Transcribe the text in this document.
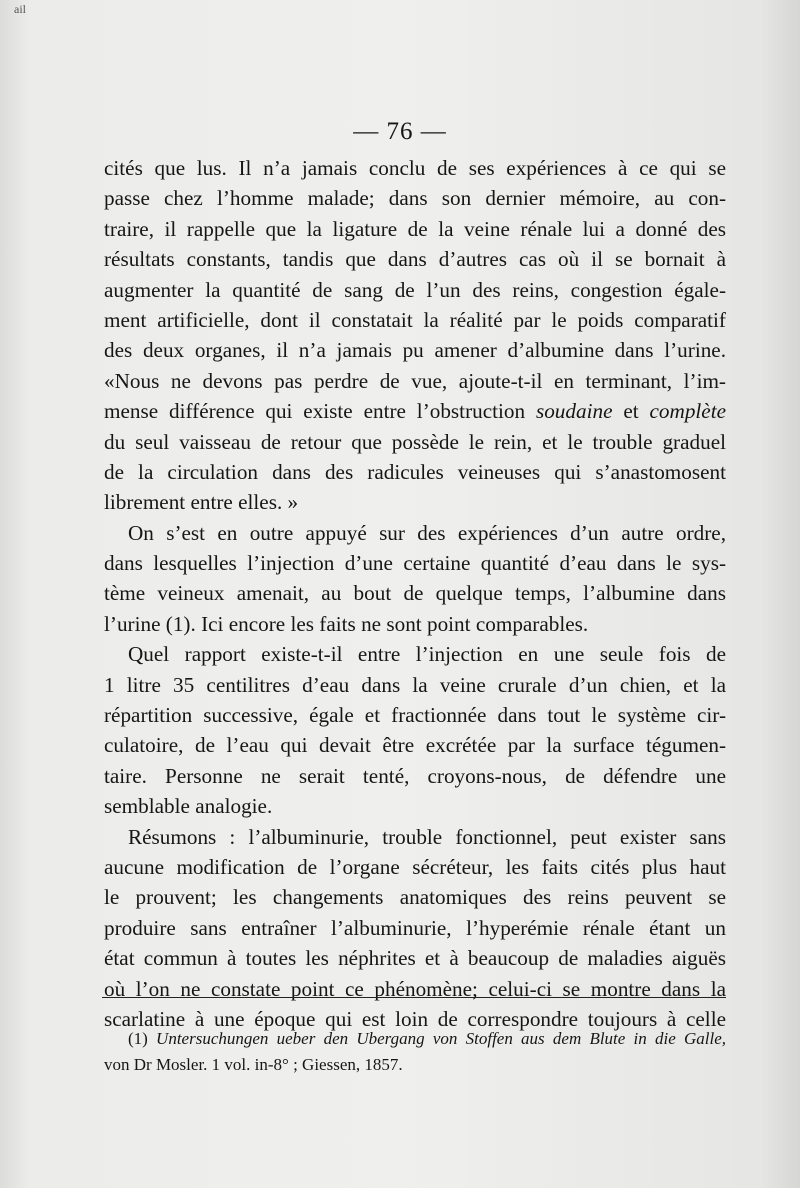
ail
— 76 —
cités que lus. Il n’a jamais conclu de ses expériences à ce qui se
passe chez l’homme malade; dans son dernier mémoire, au con-
traire, il rappelle que la ligature de la veine rénale lui a donné des
résultats constants, tandis que dans d’autres cas où il se bornait à
augmenter la quantité de sang de l’un des reins, congestion égale-
ment artificielle, dont il constatait la réalité par le poids comparatif
des deux organes, il n’a jamais pu amener d’albumine dans l’urine.
«Nous ne devons pas perdre de vue, ajoute-t-il en terminant, l’im-
mense différence qui existe entre l’obstruction soudaine et complète
du seul vaisseau de retour que possède le rein, et le trouble graduel
de la circulation dans des radicules veineuses qui s’anastomosent
librement entre elles. »
On s’est en outre appuyé sur des expériences d’un autre ordre,
dans lesquelles l’injection d’une certaine quantité d’eau dans le sys-
tème veineux amenait, au bout de quelque temps, l’albumine dans
l’urine (1). Ici encore les faits ne sont point comparables.
Quel rapport existe-t-il entre l’injection en une seule fois de
1 litre 35 centilitres d’eau dans la veine crurale d’un chien, et la
répartition successive, égale et fractionnée dans tout le système cir-
culatoire, de l’eau qui devait être excrétée par la surface tégumen-
taire. Personne ne serait tenté, croyons-nous, de défendre une
semblable analogie.
Résumons : l’albuminurie, trouble fonctionnel, peut exister sans
aucune modification de l’organe sécréteur, les faits cités plus haut
le prouvent; les changements anatomiques des reins peuvent se
produire sans entraîner l’albuminurie, l’hyperémie rénale étant un
état commun à toutes les néphrites et à beaucoup de maladies aiguës
où l’on ne constate point ce phénomène; celui-ci se montre dans la
scarlatine à une époque qui est loin de correspondre toujours à celle
(1) Untersuchungen ueber den Ubergang von Stoffen aus dem Blute in die Galle,
von Dr Mosler. 1 vol. in-8° ; Giessen, 1857.
